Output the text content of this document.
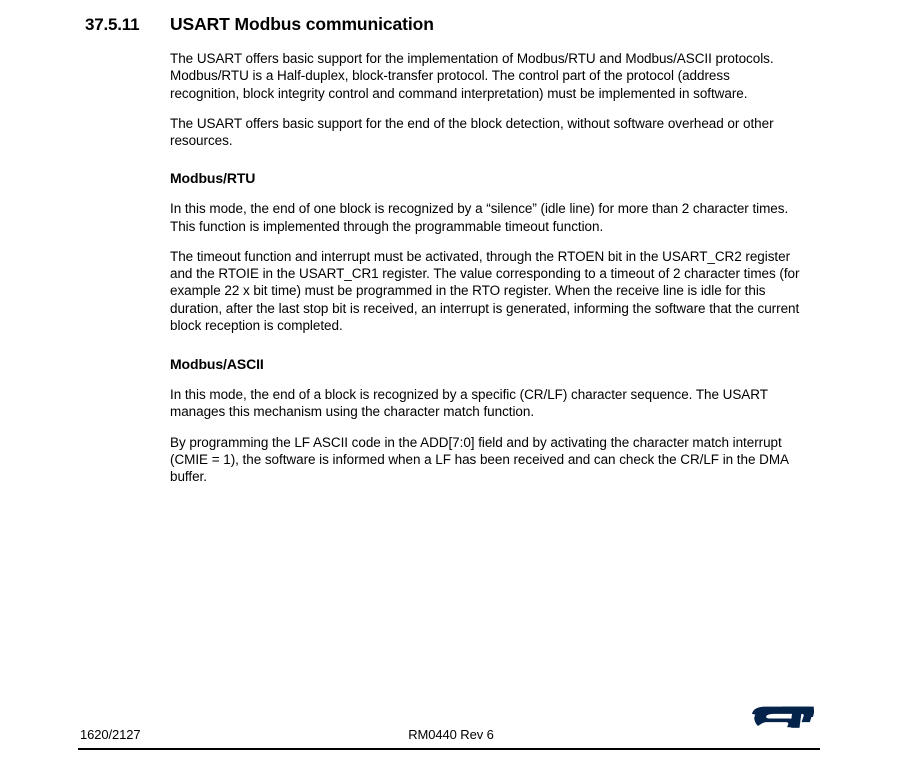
37.5.11	USART Modbus communication

The USART offers basic support for the implementation of Modbus/RTU and Modbus/ASCII protocols. Modbus/RTU is a Half-duplex, block-transfer protocol. The control part of the protocol (address recognition, block integrity control and command interpretation) must be implemented in software.

The USART offers basic support for the end of the block detection, without software overhead or other resources.

Modbus/RTU

In this mode, the end of one block is recognized by a “silence” (idle line) for more than 2 character times. This function is implemented through the programmable timeout function.

The timeout function and interrupt must be activated, through the RTOEN bit in the USART_CR2 register and the RTOIE in the USART_CR1 register. The value corresponding to a timeout of 2 character times (for example 22 x bit time) must be programmed in the RTO register. When the receive line is idle for this duration, after the last stop bit is received, an interrupt is generated, informing the software that the current block reception is completed.

Modbus/ASCII

In this mode, the end of a block is recognized by a specific (CR/LF) character sequence. The USART manages this mechanism using the character match function.

By programming the LF ASCII code in the ADD[7:0] field and by activating the character match interrupt (CMIE = 1), the software is informed when a LF has been received and can check the CR/LF in the DMA buffer.

1620/2127	RM0440 Rev 6
